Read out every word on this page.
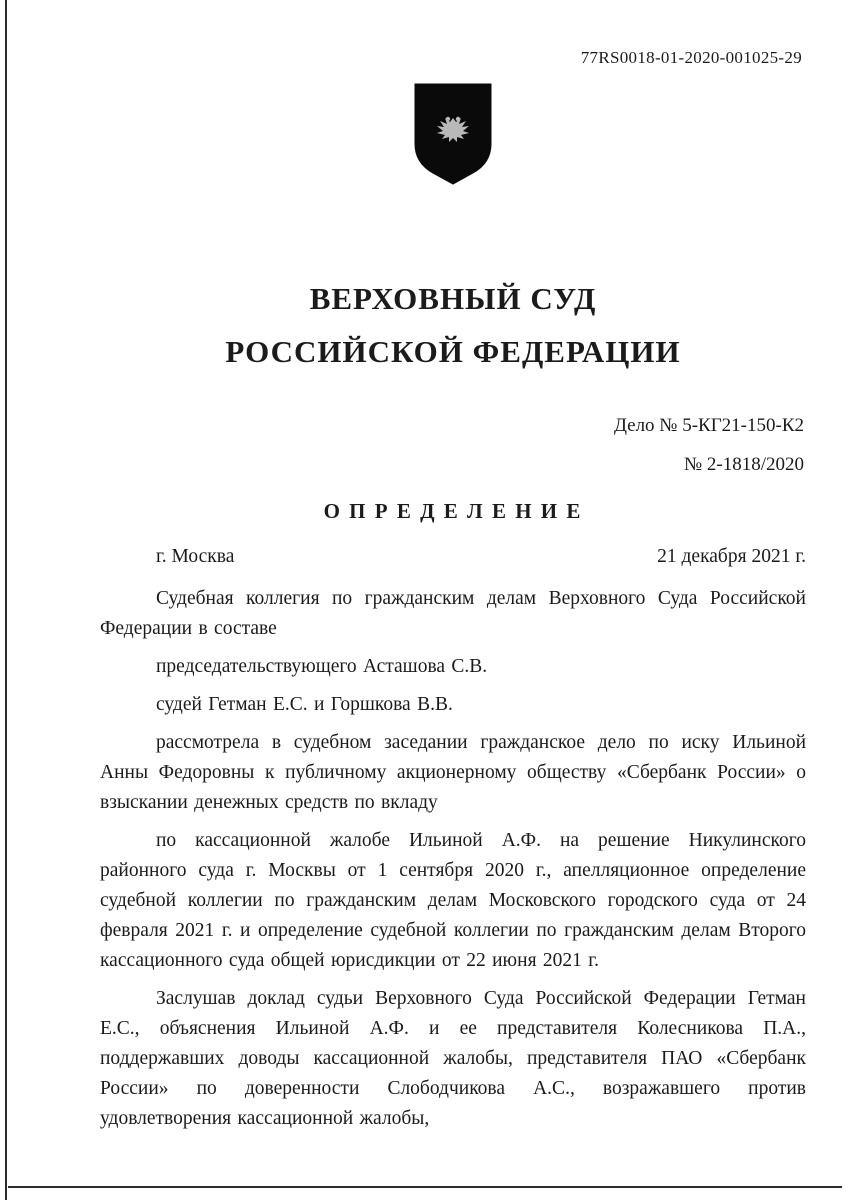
77RS0018-01-2020-001025-29
ВЕРХОВНЫЙ СУД
РОССИЙСКОЙ ФЕДЕРАЦИИ
Дело № 5-КГ21-150-К2
№ 2-1818/2020
О П Р Е Д Е Л Е Н И Е
г. Москва	21 декабря 2021 г.

Судебная коллегия по гражданским делам Верховного Суда Российской Федерации в составе

председательствующего Асташова С.В.

судей Гетман Е.С. и Горшкова В.В.

рассмотрела в судебном заседании гражданское дело по иску Ильиной Анны Федоровны к публичному акционерному обществу «Сбербанк России» о взыскании денежных средств по вкладу

по кассационной жалобе Ильиной А.Ф. на решение Никулинского районного суда г. Москвы от 1 сентября 2020 г., апелляционное определение судебной коллегии по гражданским делам Московского городского суда от 24 февраля 2021 г. и определение судебной коллегии по гражданским делам Второго кассационного суда общей юрисдикции от 22 июня 2021 г.

Заслушав доклад судьи Верховного Суда Российской Федерации Гетман Е.С., объяснения Ильиной А.Ф. и ее представителя Колесникова П.А., поддержавших доводы кассационной жалобы, представителя ПАО «Сбербанк России» по доверенности Слободчикова А.С., возражавшего против удовлетворения кассационной жалобы,
